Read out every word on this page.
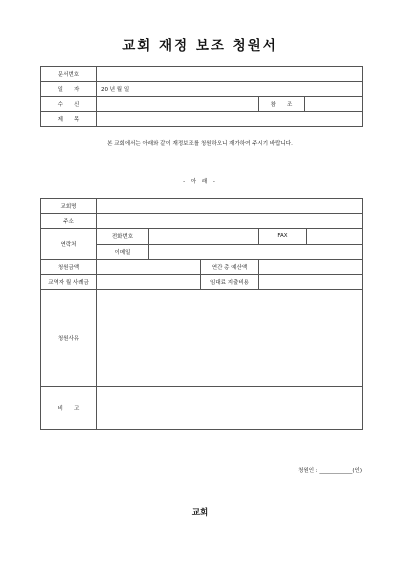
교회 재정 보조 청원서
문서번호			
일　　자	20 년 월 일		
수　　신		참　　조	
제　　목			
본 교회에서는 아래와 같이 재정보조를 청원하오니 재가하여 주시기 바랍니다.
- 아 래 -
교회명					
주소					
연락처	전화번호			FAX	
	이메일				
청원금액			연간 총 예산액		
교역자 월 사례금			임대료 지출비용		
청원사유					
비　　고					
청원인 : ____________(인)
교회
